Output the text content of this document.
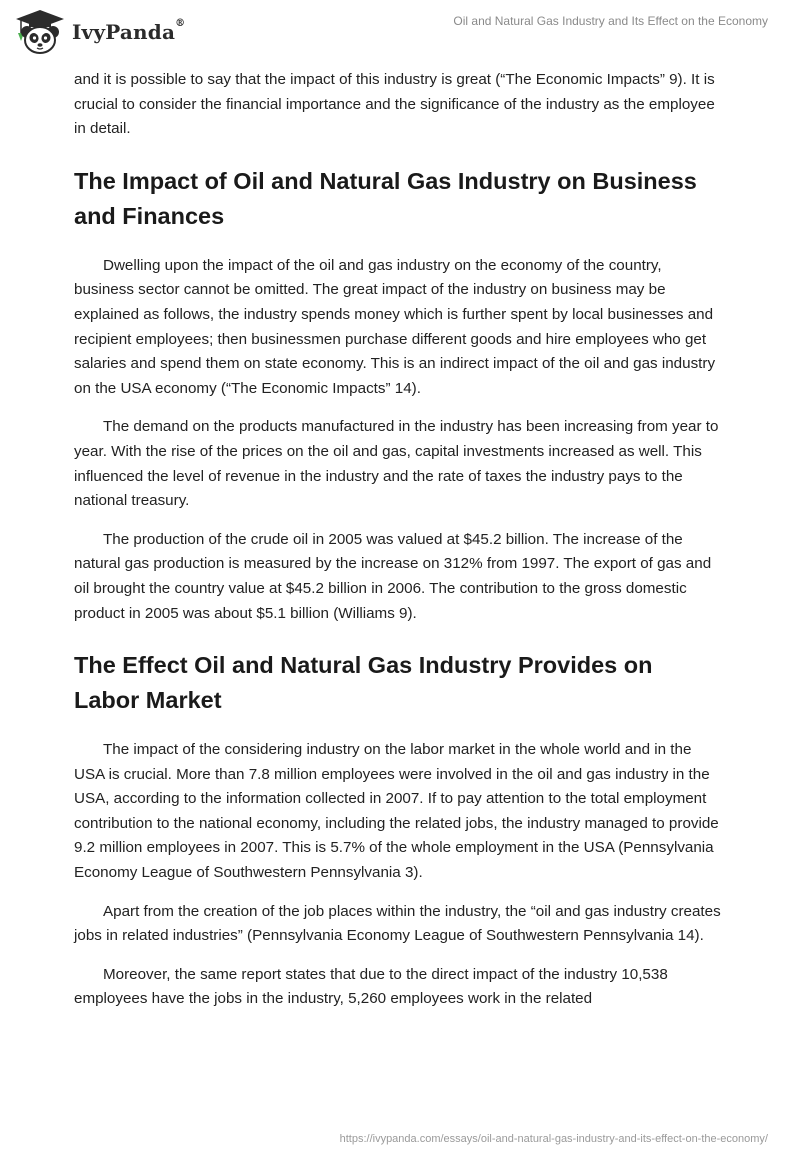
IvyPanda®	Oil and Natural Gas Industry and Its Effect on the Economy

and it is possible to say that the impact of this industry is great (“The Economic Impacts” 9). It is crucial to consider the financial importance and the significance of the industry as the employee in detail.

The Impact of Oil and Natural Gas Industry on Business and Finances

Dwelling upon the impact of the oil and gas industry on the economy of the country, business sector cannot be omitted. The great impact of the industry on business may be explained as follows, the industry spends money which is further spent by local businesses and recipient employees; then businessmen purchase different goods and hire employees who get salaries and spend them on state economy. This is an indirect impact of the oil and gas industry on the USA economy (“The Economic Impacts” 14).

The demand on the products manufactured in the industry has been increasing from year to year. With the rise of the prices on the oil and gas, capital investments increased as well. This influenced the level of revenue in the industry and the rate of taxes the industry pays to the national treasury.

The production of the crude oil in 2005 was valued at $45.2 billion. The increase of the natural gas production is measured by the increase on 312% from 1997. The export of gas and oil brought the country value at $45.2 billion in 2006. The contribution to the gross domestic product in 2005 was about $5.1 billion (Williams 9).

The Effect Oil and Natural Gas Industry Provides on Labor Market

The impact of the considering industry on the labor market in the whole world and in the USA is crucial. More than 7.8 million employees were involved in the oil and gas industry in the USA, according to the information collected in 2007. If to pay attention to the total employment contribution to the national economy, including the related jobs, the industry managed to provide 9.2 million employees in 2007. This is 5.7% of the whole employment in the USA (Pennsylvania Economy League of Southwestern Pennsylvania 3).

Apart from the creation of the job places within the industry, the “oil and gas industry creates jobs in related industries” (Pennsylvania Economy League of Southwestern Pennsylvania 14).

Moreover, the same report states that due to the direct impact of the industry 10,538 employees have the jobs in the industry, 5,260 employees work in the related

https://ivypanda.com/essays/oil-and-natural-gas-industry-and-its-effect-on-the-economy/
